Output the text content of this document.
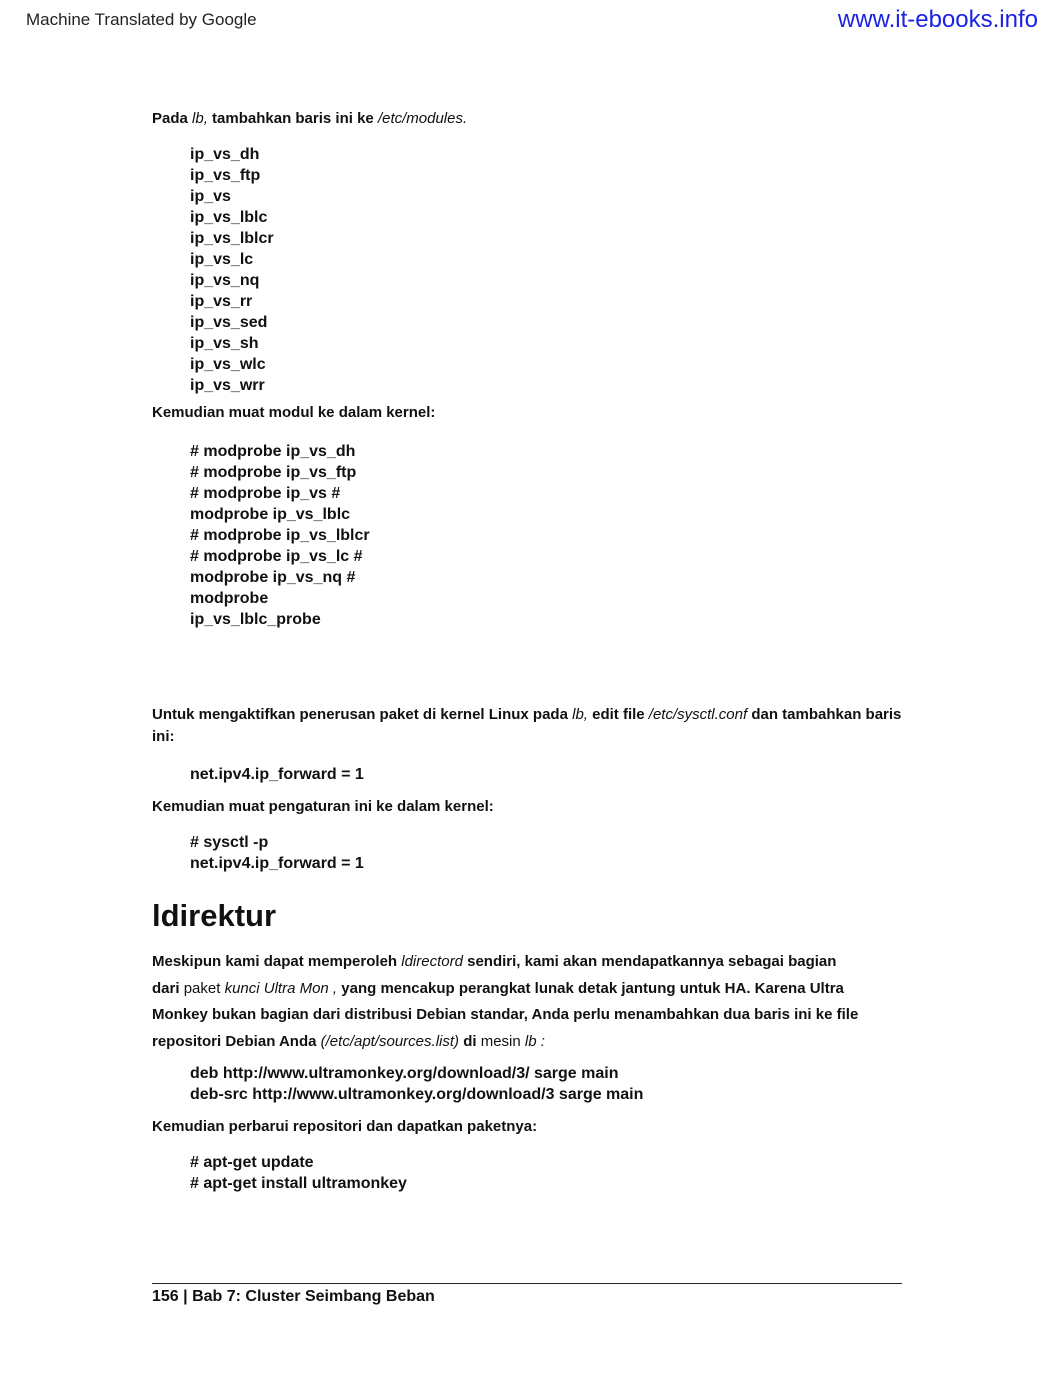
Machine Translated by Google	www.it-ebooks.info
Pada lb, tambahkan baris ini ke /etc/modules.
ip_vs_dh
ip_vs_ftp
ip_vs
ip_vs_lblc
ip_vs_lblcr
ip_vs_lc
ip_vs_nq
ip_vs_rr
ip_vs_sed
ip_vs_sh
ip_vs_wlc
ip_vs_wrr
Kemudian muat modul ke dalam kernel:
# modprobe ip_vs_dh
# modprobe ip_vs_ftp
# modprobe ip_vs #
modprobe ip_vs_lblc
# modprobe ip_vs_lblcr
# modprobe ip_vs_lc #
modprobe ip_vs_nq #
modprobe
ip_vs_lblc_probe
Untuk mengaktifkan penerusan paket di kernel Linux pada lb, edit file /etc/sysctl.conf dan tambahkan baris ini:
net.ipv4.ip_forward = 1
Kemudian muat pengaturan ini ke dalam kernel:
# sysctl -p
net.ipv4.ip_forward = 1
ldirektur
Meskipun kami dapat memperoleh ldirectord sendiri, kami akan mendapatkannya sebagai bagian
dari paket kunci Ultra Mon , yang mencakup perangkat lunak detak jantung untuk HA. Karena Ultra
Monkey bukan bagian dari distribusi Debian standar, Anda perlu menambahkan dua baris ini ke file
repositori Debian Anda (/etc/apt/sources.list) di mesin lb :
deb http://www.ultramonkey.org/download/3/ sarge main
deb-src http://www.ultramonkey.org/download/3 sarge main
Kemudian perbarui repositori dan dapatkan paketnya:
# apt-get update
# apt-get install ultramonkey
156 | Bab 7: Cluster Seimbang Beban
